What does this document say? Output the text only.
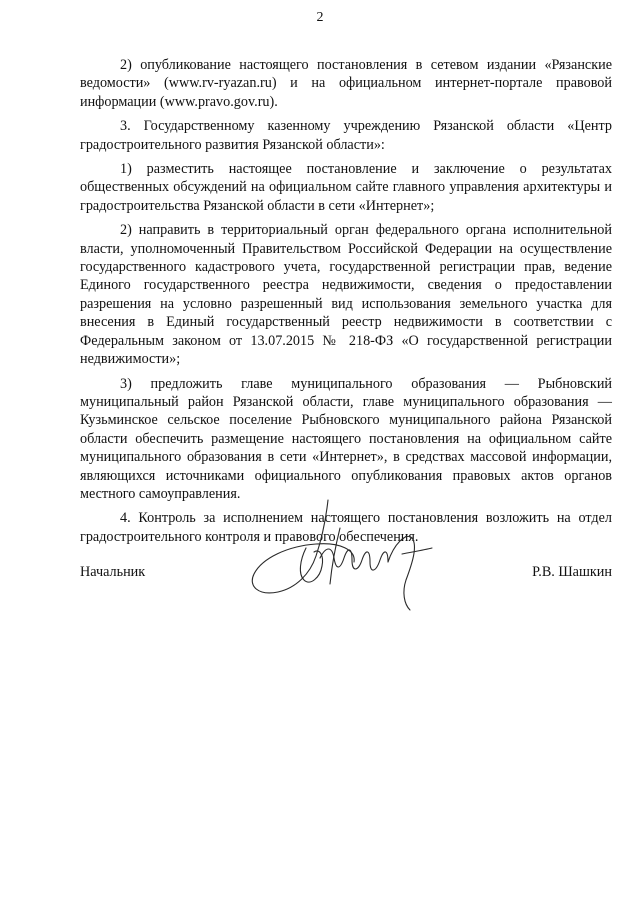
2

2) опубликование настоящего постановления в сетевом издании «Рязанские ведомости» (www.rv-ryazan.ru) и на официальном интернет-портале правовой информации (www.pravo.gov.ru).

3. Государственному казенному учреждению Рязанской области «Центр градостроительного развития Рязанской области»:

1) разместить настоящее постановление и заключение о результатах общественных обсуждений на официальном сайте главного управления архитектуры и градостроительства Рязанской области в сети «Интернет»;

2) направить в территориальный орган федерального органа исполнительной власти, уполномоченный Правительством Российской Федерации на осуществление государственного кадастрового учета, государственной регистрации прав, ведение Единого государственного реестра недвижимости, сведения о предоставлении разрешения на условно разрешенный вид использования земельного участка для внесения в Единый государственный реестр недвижимости в соответствии с Федеральным законом от 13.07.2015 № 218-ФЗ «О государственной регистрации недвижимости»;

3) предложить главе муниципального образования — Рыбновский муниципальный район Рязанской области, главе муниципального образования — Кузьминское сельское поселение Рыбновского муниципального района Рязанской области обеспечить размещение настоящего постановления на официальном сайте муниципального образования в сети «Интернет», в средствах массовой информации, являющихся источниками официального опубликования правовых актов органов местного самоуправления.

4. Контроль за исполнением настоящего постановления возложить на отдел градостроительного контроля и правового обеспечения.

Начальник	Р.В. Шашкин
